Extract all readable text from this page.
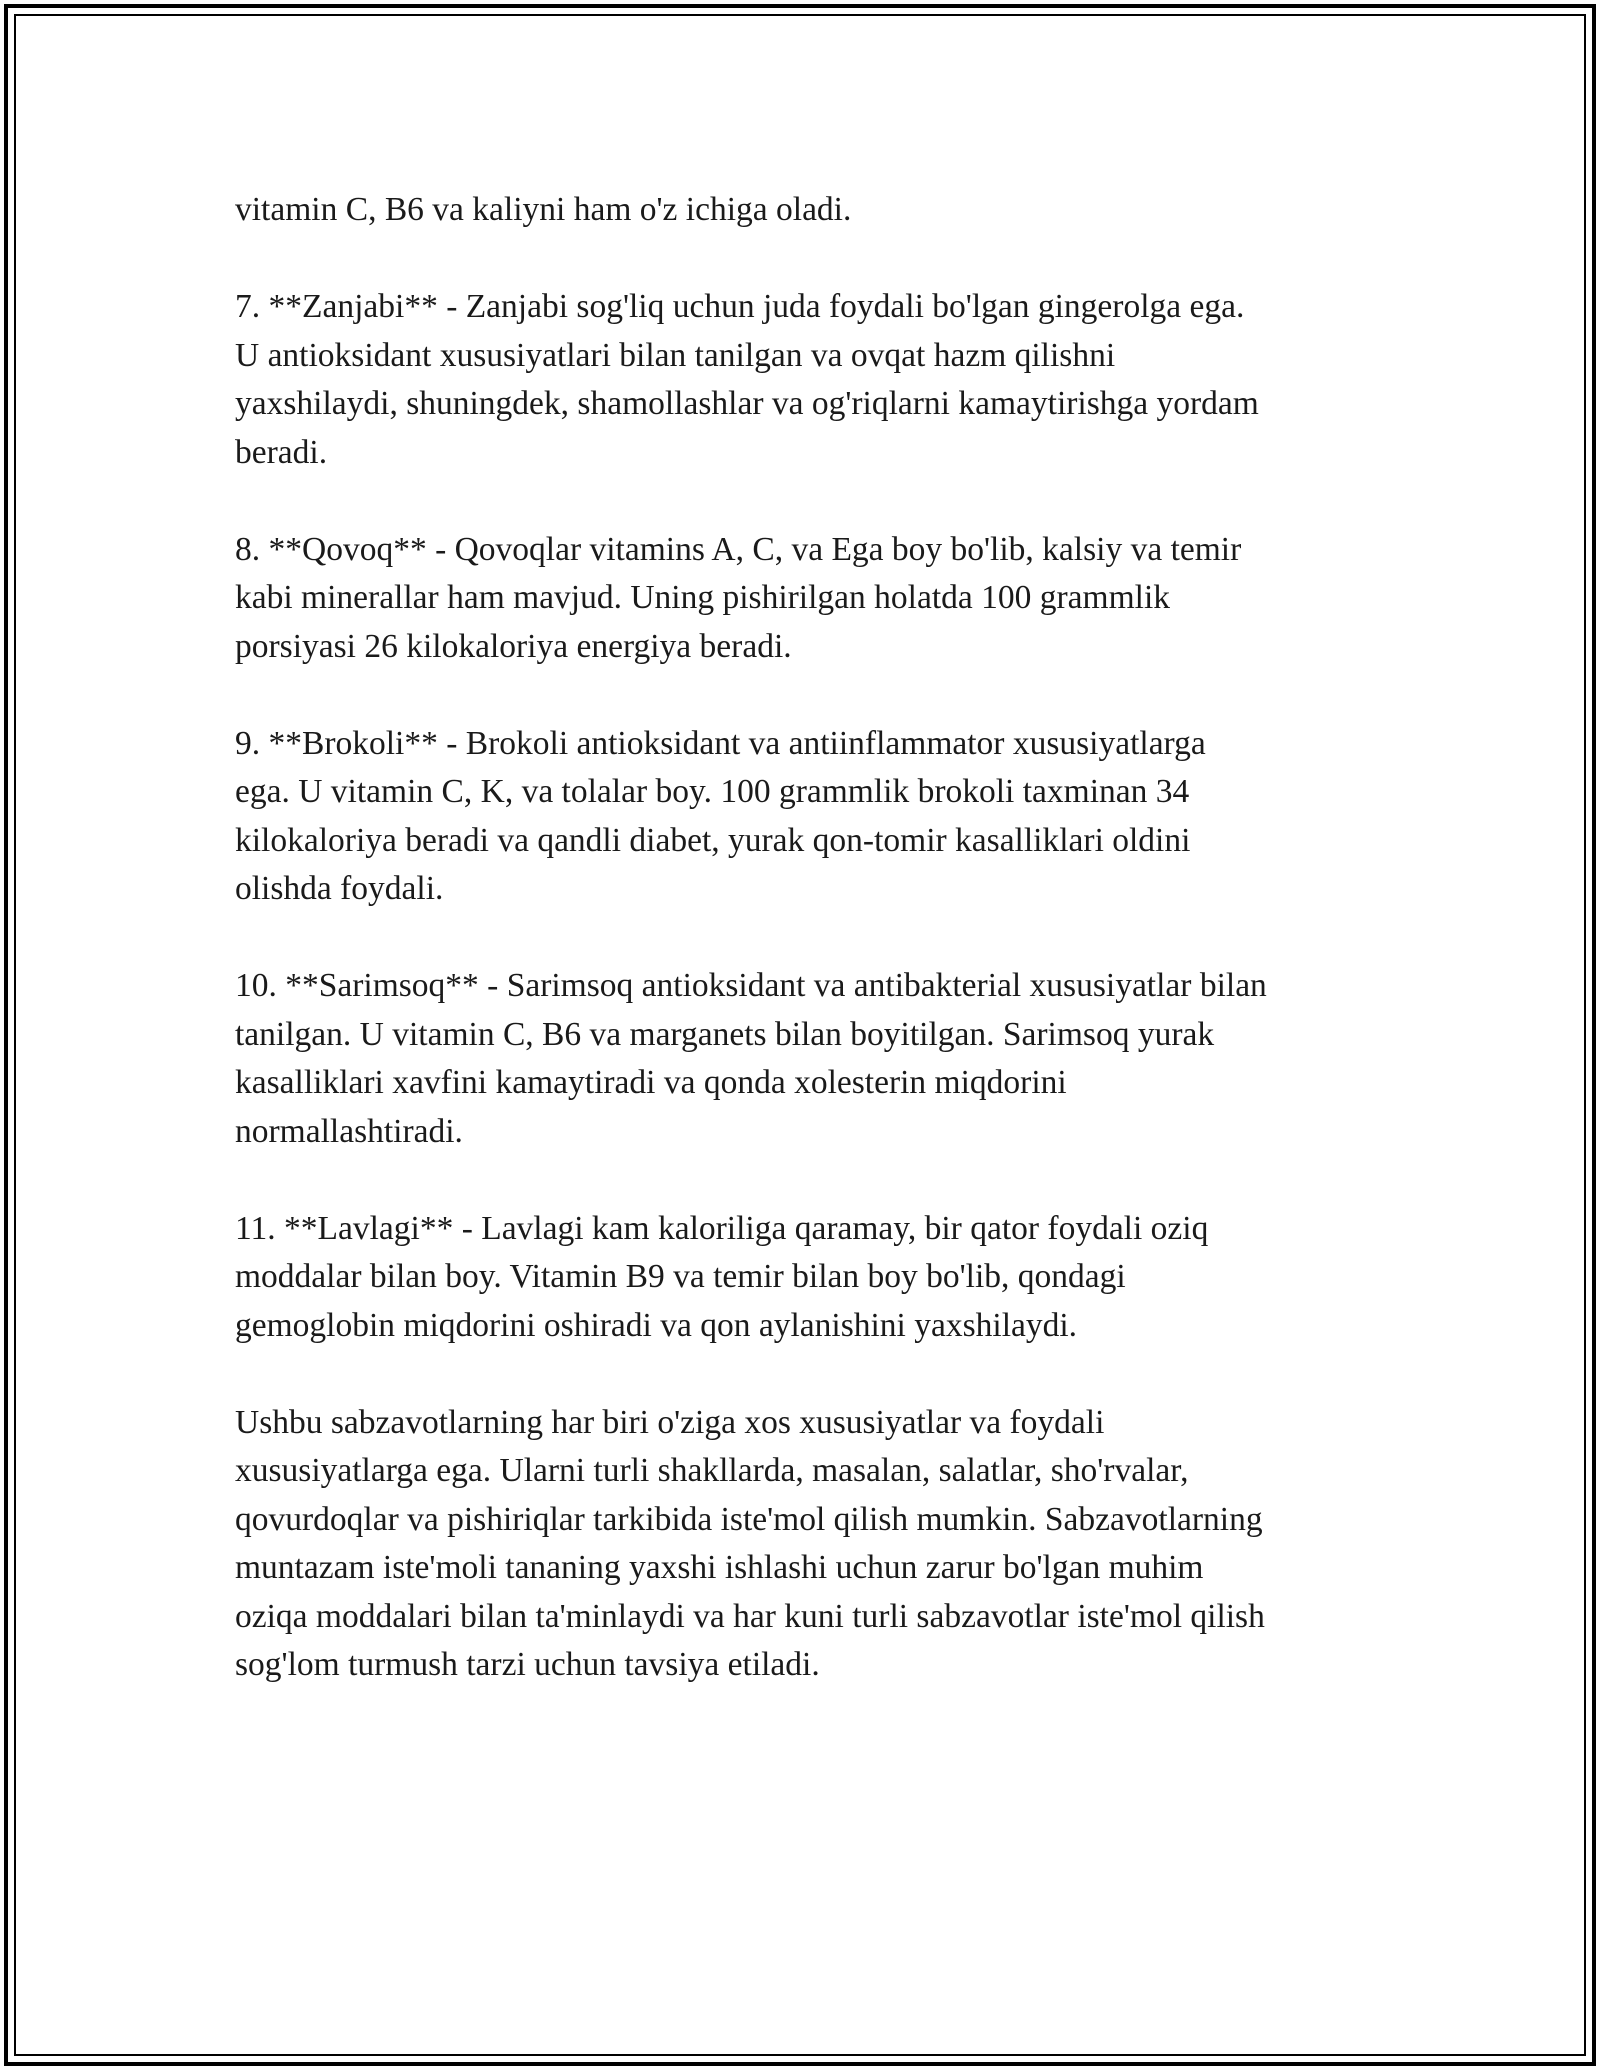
vitamin C, B6 va kaliyni ham o'z ichiga oladi.

7. **Zanjabi** - Zanjabi sog'liq uchun juda foydali bo'lgan gingerolga ega.
U antioksidant xususiyatlari bilan tanilgan va ovqat hazm qilishni
yaxshilaydi, shuningdek, shamollashlar va og'riqlarni kamaytirishga yordam
beradi.

8. **Qovoq** - Qovoqlar vitamins A, C, va Ega boy bo'lib, kalsiy va temir
kabi minerallar ham mavjud. Uning pishirilgan holatda 100 grammlik
porsiyasi 26 kilokaloriya energiya beradi.

9. **Brokoli** - Brokoli antioksidant va antiinflammator xususiyatlarga
ega. U vitamin C, K, va tolalar boy. 100 grammlik brokoli taxminan 34
kilokaloriya beradi va qandli diabet, yurak qon-tomir kasalliklari oldini
olishda foydali.

10. **Sarimsoq** - Sarimsoq antioksidant va antibakterial xususiyatlar bilan
tanilgan. U vitamin C, B6 va marganets bilan boyitilgan. Sarimsoq yurak
kasalliklari xavfini kamaytiradi va qonda xolesterin miqdorini
normallashtiradi.

11. **Lavlagi** - Lavlagi kam kaloriliga qaramay, bir qator foydali oziq
moddalar bilan boy. Vitamin B9 va temir bilan boy bo'lib, qondagi
gemoglobin miqdorini oshiradi va qon aylanishini yaxshilaydi.

Ushbu sabzavotlarning har biri o'ziga xos xususiyatlar va foydali
xususiyatlarga ega. Ularni turli shakllarda, masalan, salatlar, sho'rvalar,
qovurdoqlar va pishiriqlar tarkibida iste'mol qilish mumkin. Sabzavotlarning
muntazam iste'moli tananing yaxshi ishlashi uchun zarur bo'lgan muhim
oziqa moddalari bilan ta'minlaydi va har kuni turli sabzavotlar iste'mol qilish
sog'lom turmush tarzi uchun tavsiya etiladi.
